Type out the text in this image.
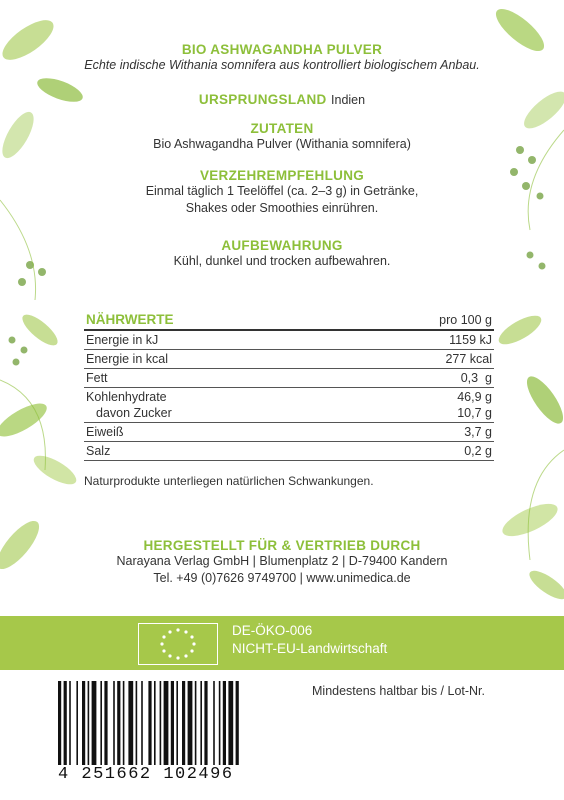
BIO ASHWAGANDHA PULVER
Echte indische Withania somnifera aus kontrolliert biologischem Anbau.
URSPRUNGSLAND Indien
ZUTATEN
Bio Ashwagandha Pulver (Withania somnifera)
VERZEHREMPFEHLUNG
Einmal täglich 1 Teelöffel (ca. 2–3 g) in Getränke,
Shakes oder Smoothies einrühren.
AUFBEWAHRUNG
Kühl, dunkel und trocken aufbewahren.
NÄHRWERTE	pro 100 g
Energie in kJ	1159 kJ
Energie in kcal	277 kcal
Fett	0,3  g
Kohlenhydrate	46,9 g
davon Zucker	10,7 g
Eiweiß	3,7 g
Salz	0,2 g
Naturprodukte unterliegen natürlichen Schwankungen.
HERGESTELLT FÜR & VERTRIEB DURCH
Narayana Verlag GmbH | Blumenplatz 2 | D-79400 Kandern
Tel. +49 (0)7626 9749700 | www.unimedica.de
DE-ÖKO-006
NICHT-EU-Landwirtschaft
4 251662 102496
Mindestens haltbar bis / Lot-Nr.
